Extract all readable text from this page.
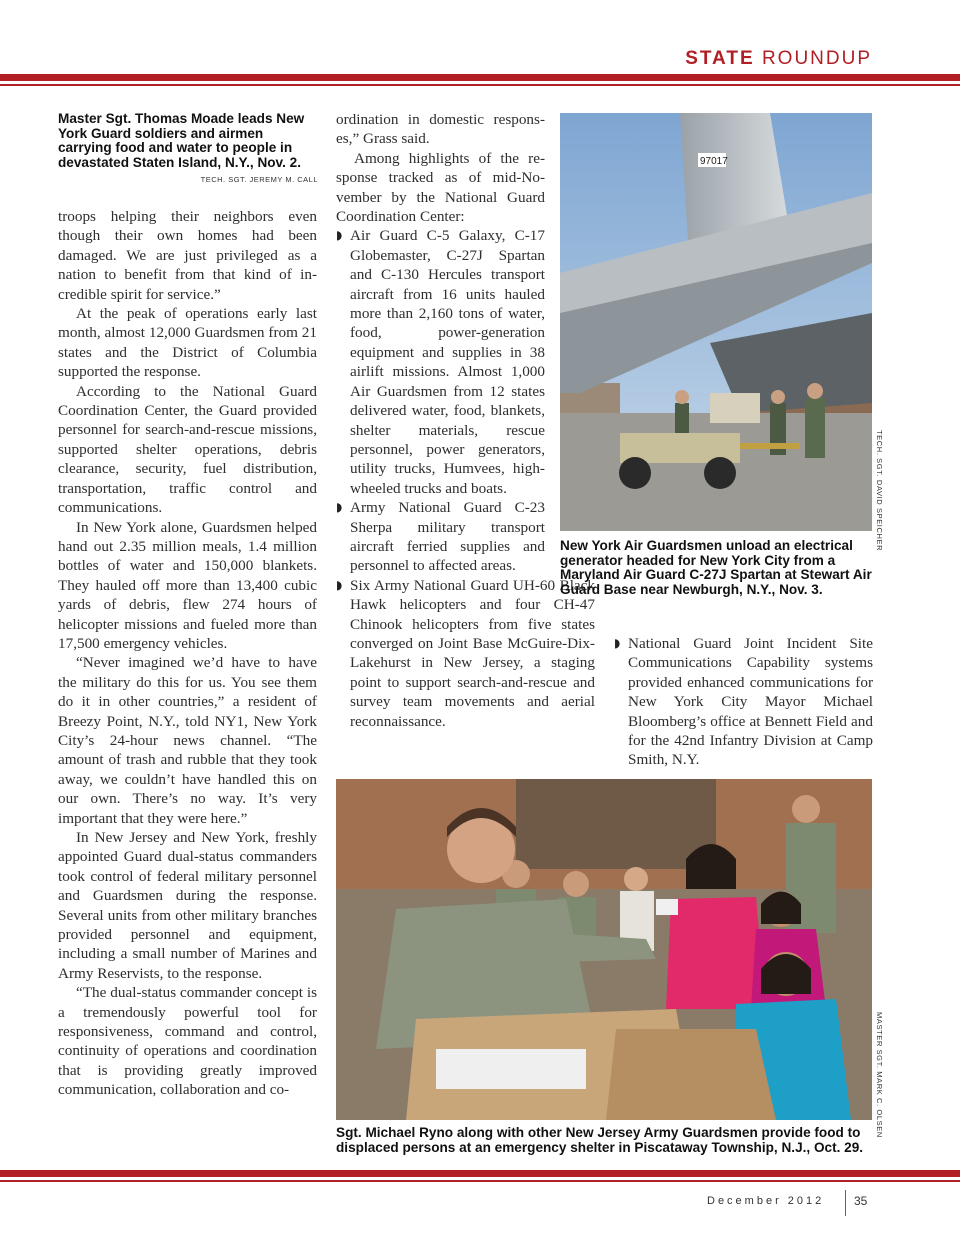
STATE ROUNDUP
Master Sgt. Thomas Moade leads New York Guard soldiers and airmen carrying food and water to people in devastated Staten Island, N.Y., Nov. 2.
TECH. SGT. JEREMY M. CALL

troops helping their neighbors even though their own homes had been damaged. We are just privileged as a nation to benefit from that kind of incredible spirit for service.”

At the peak of operations early last month, almost 12,000 Guardsmen from 21 states and the District of Columbia supported the response.

According to the National Guard Coordination Center, the Guard provided personnel for search-and-rescue missions, supported shelter operations, debris clearance, security, fuel distribution, transportation, traffic control and communications.

In New York alone, Guardsmen helped hand out 2.35 million meals, 1.4 million bottles of water and 150,000 blankets. They hauled off more than 13,400 cubic yards of debris, flew 274 hours of helicopter missions and fueled more than 17,500 emergency vehicles.

“Never imagined we’d have to have the military do this for us. You see them do it in other countries,” a resident of Breezy Point, N.Y., told NY1, New York City’s 24-hour news channel. “The amount of trash and rubble that they took away, we couldn’t have handled this on our own. There’s no way. It’s very important that they were here.”

In New Jersey and New York, freshly appointed Guard dual-status commanders took control of federal military personnel and Guardsmen during the response. Several units from other military branches provided personnel and equipment, including a small number of Marines and Army Reservists, to the response.

“The dual-status commander concept is a tremendously powerful tool for responsiveness, command and control, continuity of operations and coordination that is providing greatly improved communication, collaboration and co-

ordination in domestic responses,” Grass said.

Among highlights of the response tracked as of mid-November by the National Guard Coordination Center:

◗ Air Guard C-5 Galaxy, C-17 Globemaster, C-27J Spartan and C-130 Hercules transport aircraft from 16 units hauled more than 2,160 tons of water, food, power-generation equipment and supplies in 38 airlift missions. Almost 1,000 Air Guardsmen from 12 states delivered water, food, blankets, shelter materials, rescue personnel, power generators, utility trucks, Humvees, high-wheeled trucks and boats.
◗ Army National Guard C-23 Sherpa military transport aircraft ferried supplies and personnel to affected areas.
◗ Six Army National Guard UH-60 Black Hawk helicopters and four CH-47 Chinook helicopters from five states converged on Joint Base McGuire-Dix-Lakehurst in New Jersey, a staging point to support search-and-rescue and survey team movements and aerial reconnaissance.
◗ National Guard Joint Incident Site Communications Capability systems provided enhanced communications for New York City Mayor Michael Bloomberg’s office at Bennett Field and for the 42nd Infantry Division at Camp Smith, N.Y.
97017
TECH. SGT. DAVID SPEICHER
New York Air Guardsmen unload an electrical generator headed for New York City from a Maryland Air Guard C-27J Spartan at Stewart Air Guard Base near Newburgh, N.Y., Nov. 3.
MASTER SGT. MARK C. OLSEN
Sgt. Michael Ryno along with other New Jersey Army Guardsmen provide food to displaced persons at an emergency shelter in Piscataway Township, N.J., Oct. 29.
December 2012 35
